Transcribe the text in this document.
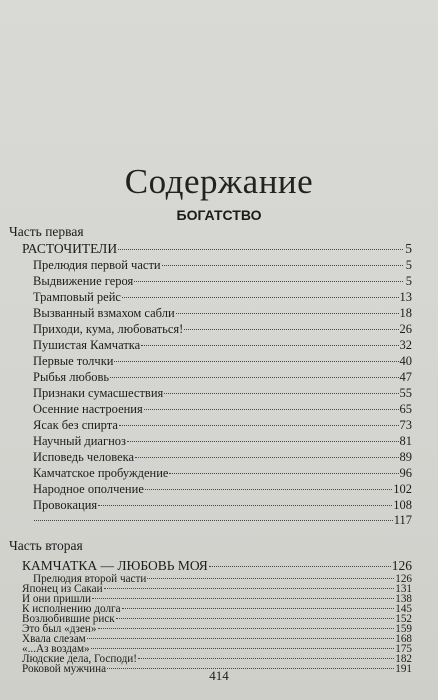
Содержание
БОГАТСТВО
Часть первая
РАСТОЧИТЕЛИ	5
Прелюдия первой части	5
Выдвижение героя	5
Трамповый рейс	13
Вызванный взмахом сабли	18
Приходи, кума, любоваться!	26
Пушистая Камчатка	32
Первые толчки	40
Рыбья любовь	47
Признаки сумасшествия	55
Осенние настроения	65
Ясак без спирта	73
Научный диагноз	81
Исповедь человека	89
Камчатское пробуждение	96
Народное ополчение	102
Провокация	108
117
Часть вторая
КАМЧАТКА — ЛЮБОВЬ МОЯ	126
Прелюдия второй части	126
Японец из Сакаи	131
И они пришли	138
К исполнению долга	145
Возлюбившие риск	152
Это был «дзен»	159
Хвала слезам	168
«...Аз воздам»	175
Людские дела, Господи!	182
Роковой мужчина	191
414
